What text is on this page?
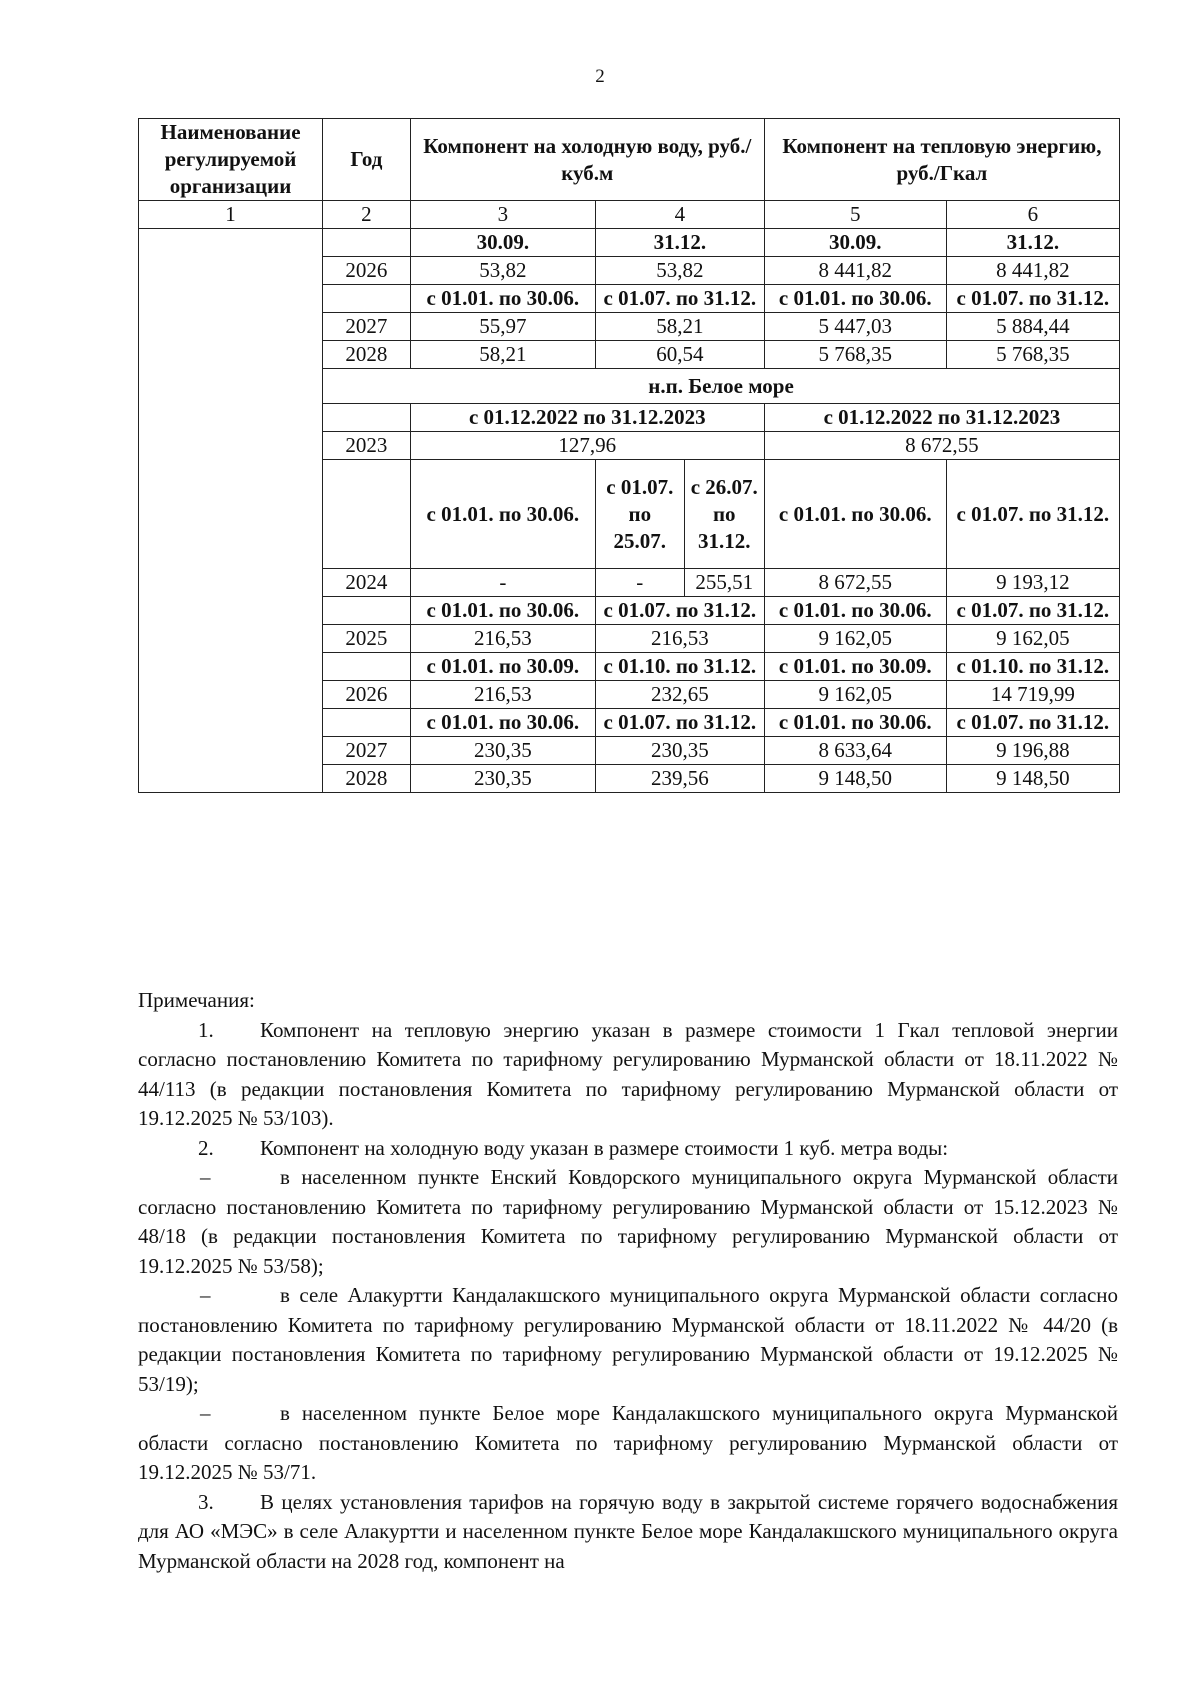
2
Наименование регулируемой организации	Год	Компонент на холодную воду, руб./куб.м			Компонент на тепловую энергию, руб./Гкал	
1	2	3	4		5	6
		30.09.	31.12.		30.09.	31.12.
	2026	53,82	53,82		8 441,82	8 441,82
		с 01.01. по 30.06.	с 01.07. по 31.12.		с 01.01. по 30.06.	с 01.07. по 31.12.
	2027	55,97	58,21		5 447,03	5 884,44
	2028	58,21	60,54		5 768,35	5 768,35
	н.п. Белое море					
		с 01.12.2022 по 31.12.2023			с 01.12.2022 по 31.12.2023	
	2023	127,96			8 672,55	
		с 01.01. по 30.06.	с 01.07. по 25.07.	с 26.07. по 31.12.	с 01.01. по 30.06.	с 01.07. по 31.12.
	2024	-	-	255,51	8 672,55	9 193,12
		с 01.01. по 30.06.	с 01.07. по 31.12.		с 01.01. по 30.06.	с 01.07. по 31.12.
	2025	216,53	216,53		9 162,05	9 162,05
		с 01.01. по 30.09.	с 01.10. по 31.12.		с 01.01. по 30.09.	с 01.10. по 31.12.
	2026	216,53	232,65		9 162,05	14 719,99
		с 01.01. по 30.06.	с 01.07. по 31.12.		с 01.01. по 30.06.	с 01.07. по 31.12.
	2027	230,35	230,35		8 633,64	9 196,88
	2028	230,35	239,56		9 148,50	9 148,50

Примечания:

1. Компонент на тепловую энергию указан в размере стоимости 1 Гкал тепловой энергии согласно постановлению Комитета по тарифному регулированию Мурманской области от 18.11.2022 № 44/113 (в редакции постановления Комитета по тарифному регулированию Мурманской области от 19.12.2025 № 53/103).

2. Компонент на холодную воду указан в размере стоимости 1 куб. метра воды:

–	в населенном пункте Енский Ковдорского муниципального округа Мурманской области согласно постановлению Комитета по тарифному регулированию Мурманской области от 15.12.2023 № 48/18 (в редакции постановления Комитета по тарифному регулированию Мурманской области от 19.12.2025 № 53/58);

–	в селе Алакуртти Кандалакшского муниципального округа Мурманской области согласно постановлению Комитета по тарифному регулированию Мурманской области от 18.11.2022 № 44/20 (в редакции постановления Комитета по тарифному регулированию Мурманской области от 19.12.2025 № 53/19);

–	в населенном пункте Белое море Кандалакшского муниципального округа Мурманской области согласно постановлению Комитета по тарифному регулированию Мурманской области от 19.12.2025 № 53/71.

3. В целях установления тарифов на горячую воду в закрытой системе горячего водоснабжения для АО «МЭС» в селе Алакуртти и населенном пункте Белое море Кандалакшского муниципального округа Мурманской области на 2028 год, компонент на
